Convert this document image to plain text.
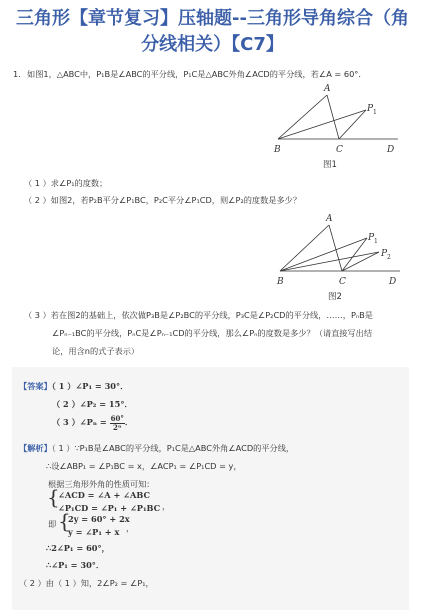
三角形【章节复习】压轴题--三角形导角综合（角
分线相关）【C7】
1. 如图1，△ABC中，P₁B是∠ABC的平分线，P₁C是△ABC外角∠ACD的平分线，若∠A = 60°．
A
P 1
B	C	D
图1
（ 1 ）求∠P₁的度数；
（ 2 ）如图2，若P₂B平分∠P₁BC，P₂C平分∠P₁CD，则∠P₂的度数是多少？
A
P 1
P 2
B	C	D
图2
（ 3 ）若在图2的基础上，依次做P₃B是∠P₂BC的平分线，P₃C是∠P₂CD的平分线，……，PₙB是
∠Pₙ₋₁BC的平分线，PₙC是∠Pₙ₋₁CD的平分线，那么∠Pₙ的度数是多少？（请直接写出结
论，用含n的式子表示）
【答案】（ 1 ）∠P₁ = 30°．
（ 2 ）∠P₂ = 15°．
（ 3 ）∠Pₙ = $\frac{60^\circ}{\text{2ⁿ}}$ ．
【解析】（ 1 ）∵P₁B是∠ABC的平分线，P₁C是△ABC外角∠ACD的平分线，
∴设∠ABP₁ = ∠P₁BC = x，∠ACP₁ = ∠P₁CD = y，
根据三角形外角的性质可知：
{
∠ACD = ∠A + ∠ABC
∠P₁CD = ∠P₁ + ∠P₁BC ，
即 {
2y = 60° + 2x
y = ∠P₁ + x ，
∴2∠P₁ = 60°，
∴∠P₁ = 30°．
（ 2 ）由（ 1 ）知，2∠P₂ = ∠P₁，
